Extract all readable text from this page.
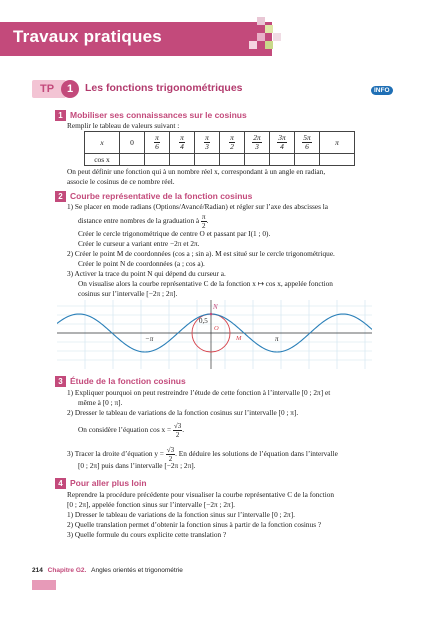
Travaux pratiques
TP	1	Les fonctions trigonométriques	INFO
1 Mobiliser ses connaissances sur le cosinus
Remplir le tableau de valeurs suivant :
x	0	$\frac{\pi}{6}$	$\frac{\pi}{4}$	$\frac{\pi}{3}$	$\frac{\pi}{2}$	$\frac{2\pi}{3}$	$\frac{3\pi}{4}$	$\frac{5\pi}{6}$	π
cos x									
On peut définir une fonction qui à un nombre réel x, correspondant à un angle en radian,
associe le cosinus de ce nombre réel.
2 Courbe représentative de la fonction cosinus
1) Se placer en mode radians (Options/Avancé/Radian) et régler sur l’axe des abscisses la
distance entre nombres de la graduation à $\frac{\pi}{2}$ .
Créer le cercle trigonométrique de centre O et passant par I(1 ; 0).
Créer le curseur a variant entre −2π et 2π.
2) Créer le point M de coordonnées (cos a ; sin a). M est situé sur le cercle trigonométrique.
Créer le point N de coordonnées (a ; cos a).
3) Activer la trace du point N qui dépend du curseur a.
On visualise alors la courbe représentative C de la fonction x ↦ cos x, appelée fonction
cosinus sur l’intervalle [−2π ; 2π].
N
0,5
O
M
−π	π
3 Étude de la fonction cosinus
1) Expliquer pourquoi on peut restreindre l’étude de cette fonction à l’intervalle [0 ; 2π] et
même à [0 ; π].
2) Dresser le tableau de variations de la fonction cosinus sur l’intervalle [0 ; π].
On considère l’équation $\cos x = \frac{√3}{2}$ .
3) Tracer la droite d’équation $y = \frac{√3}{2}$ . En déduire les solutions de l’équation dans l’intervalle
[0 ; 2π] puis dans l’intervalle [−2π ; 2π].
4 Pour aller plus loin
Reprendre la procédure précédente pour visualiser la courbe représentative C de la fonction
[0 ; 2π], appelée fonction sinus sur l’intervalle [−2π ; 2π].
1) Dresser le tableau de variations de la fonction sinus sur l’intervalle [0 ; 2π].
2) Quelle translation permet d’obtenir la fonction sinus à partir de la fonction cosinus ?
3) Quelle formule du cours explicite cette translation ?
214 Chapitre G2. Angles orientés et trigonométrie
